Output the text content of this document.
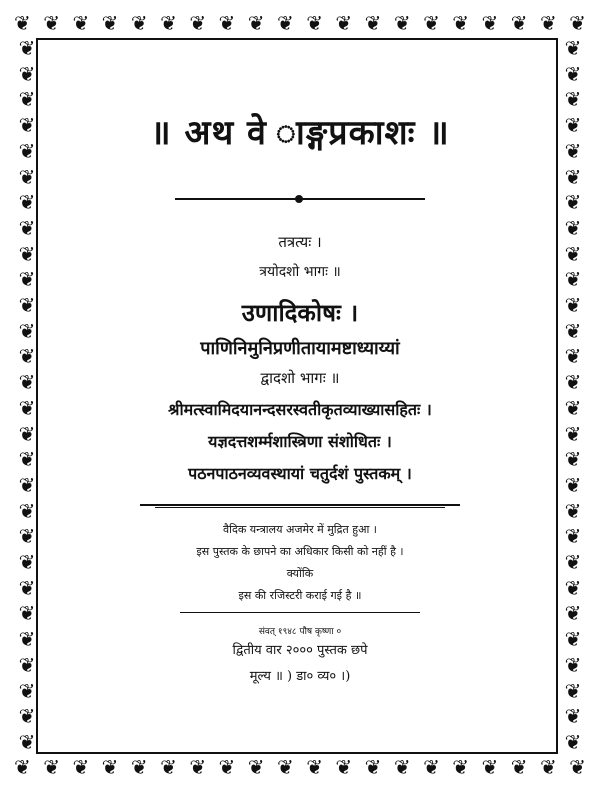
❦ ❦ ❦ ❦ ❦ ❦ ❦ ❦ ❦ ❦ ❦ ❦ ❦ ❦ ❦ ❦ ❦ ❦ ❦ ❦
❦ ❦ ❦ ❦ ❦ ❦ ❦ ❦ ❦ ❦ ❦ ❦ ❦ ❦ ❦ ❦ ❦ ❦ ❦ ❦
❦
❦
❦
❦
❦
❦
❦
❦
❦
❦
❦
❦
❦
❦
❦
❦
❦
❦
❦
❦
❦
❦
❦
❦
❦
❦
❦
❦
❦
❦
❦
❦
❦
❦
❦
❦
❦
❦
❦
❦
❦
❦
❦
❦
❦
❦
❦
❦
❦
❦
❦
❦
❦
❦
❦
❦
॥ अथ वे ाङ्गप्रकाशः ॥
तत्रत्यः ।
त्रयोदशो भागः ॥
उणादिकोषः ।
पाणिनिमुनिप्रणीतायामष्टाध्याय्यां
द्वादशो भागः ॥
श्रीमत्स्वामिदयानन्दसरस्वतीकृतव्याख्यासहितः ।
यज्ञदत्तशर्म्मशास्त्रिणा संशोधितः ।
पठनपाठनव्यवस्थायां चतुर्दशं पुस्तकम् ।
वैदिक यन्त्रालय अजमेर में मुद्रित हुआ ।
इस पुस्तक के छापने का अधिकार किसी को नहीं है ।
क्योंकि
इस की रजिस्टरी कराई गई है ॥
संवत् १९४८ पौष कृष्णा ०
द्वितीय वार २००० पुस्तक छपे
मूल्य ॥ ) डा० व्य० ।)
